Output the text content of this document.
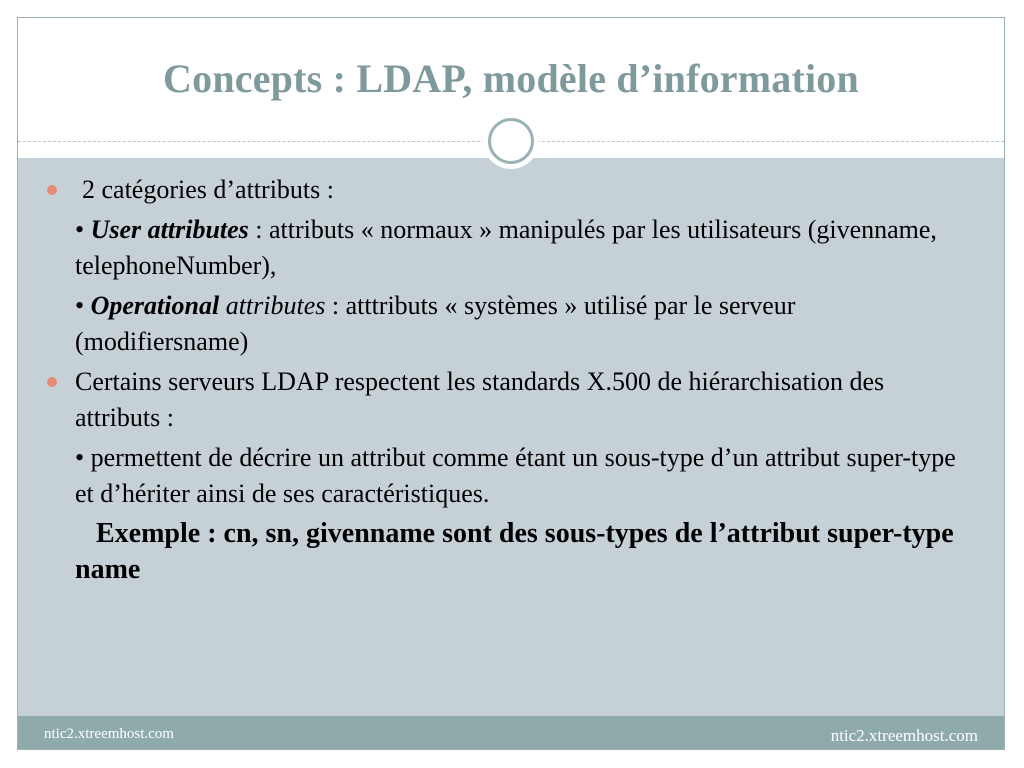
Concepts : LDAP, modèle d’information

2 catégories d’attributs :

• User attributes : attributs « normaux » manipulés par les utilisateurs (givenname, telephoneNumber),

• Operational attributes : atttributs « systèmes » utilisé par le serveur (modifiersname)

Certains serveurs LDAP respectent les standards X.500 de hiérarchisation des attributs :

• permettent de décrire un attribut comme étant un sous-type d’un attribut super-type et d’hériter ainsi de ses caractéristiques.

Exemple : cn, sn, givenname sont des sous-types de l’attribut super-type name

ntic2.xtreemhost.com	ntic2.xtreemhost.com
